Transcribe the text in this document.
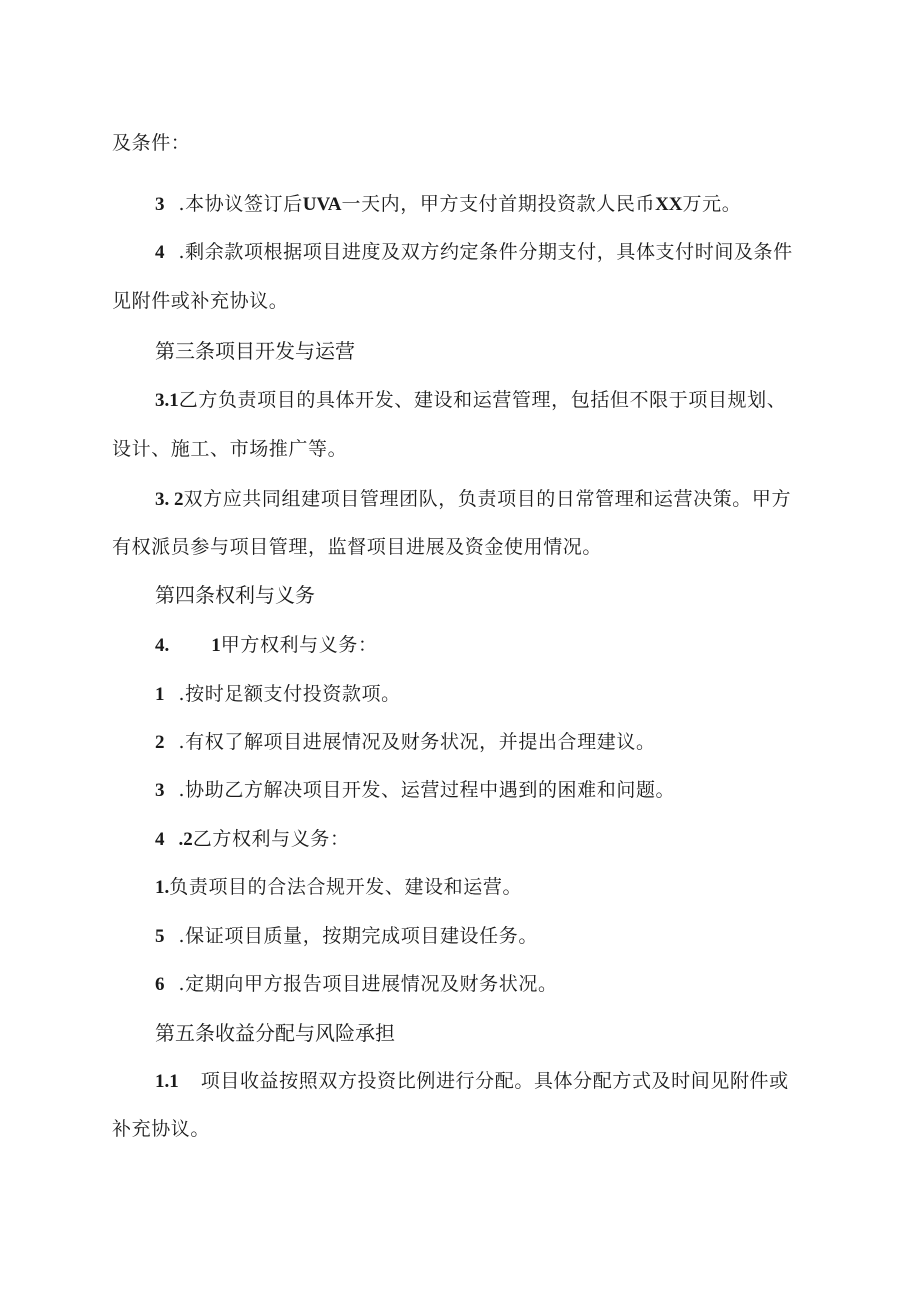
及条件：
3 .本协议签订后UVA一天内，甲方支付首期投资款人民币XX万元。
4 .剩余款项根据项目进度及双方约定条件分期支付，具体支付时间及条件
见附件或补充协议。
第三条项目开发与运营
3.1乙方负责项目的具体开发、建设和运营管理，包括但不限于项目规划、
设计、施工、市场推广等。
3. 2双方应共同组建项目管理团队，负责项目的日常管理和运营决策。甲方
有权派员参与项目管理，监督项目进展及资金使用情况。
第四条权利与义务
4. 1甲方权利与义务：
1 .按时足额支付投资款项。
2 .有权了解项目进展情况及财务状况，并提出合理建议。
3 .协助乙方解决项目开发、运营过程中遇到的困难和问题。
4 .2乙方权利与义务：
1.负责项目的合法合规开发、建设和运营。
5 .保证项目质量，按期完成项目建设任务。
6 .定期向甲方报告项目进展情况及财务状况。
第五条收益分配与风险承担
1.1 项目收益按照双方投资比例进行分配。具体分配方式及时间见附件或
补充协议。
